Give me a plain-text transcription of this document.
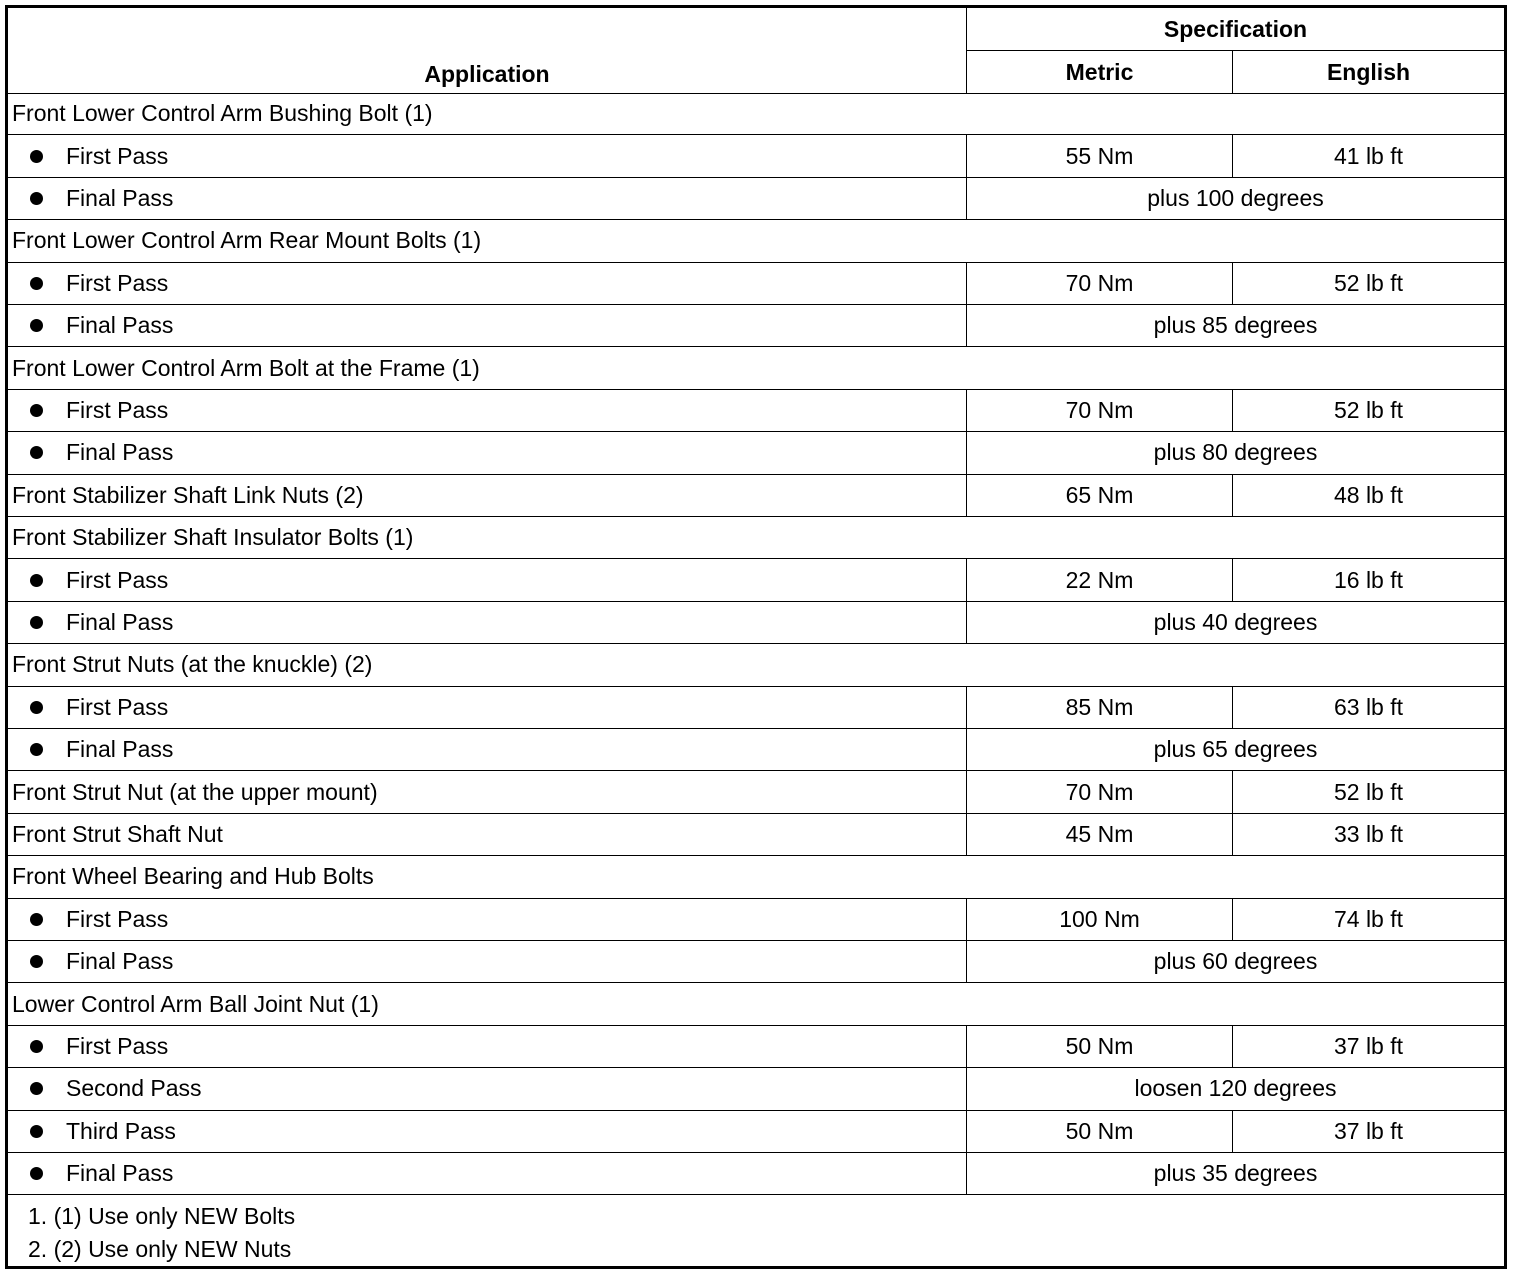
Application
Specification
Metric	English
Front Lower Control Arm Bushing Bolt (1)
First Pass	55 Nm	41 lb ft
Final Pass	plus 100 degrees
Front Lower Control Arm Rear Mount Bolts (1)
First Pass	70 Nm	52 lb ft
Final Pass	plus 85 degrees
Front Lower Control Arm Bolt at the Frame (1)
First Pass	70 Nm	52 lb ft
Final Pass	plus 80 degrees
Front Stabilizer Shaft Link Nuts (2)	65 Nm	48 lb ft
Front Stabilizer Shaft Insulator Bolts (1)
First Pass	22 Nm	16 lb ft
Final Pass	plus 40 degrees
Front Strut Nuts (at the knuckle) (2)
First Pass	85 Nm	63 lb ft
Final Pass	plus 65 degrees
Front Strut Nut (at the upper mount)	70 Nm	52 lb ft
Front Strut Shaft Nut	45 Nm	33 lb ft
Front Wheel Bearing and Hub Bolts
First Pass	100 Nm	74 lb ft
Final Pass	plus 60 degrees
Lower Control Arm Ball Joint Nut (1)
First Pass	50 Nm	37 lb ft
Second Pass	loosen 120 degrees
Third Pass	50 Nm	37 lb ft
Final Pass	plus 35 degrees
1. (1) Use only NEW Bolts
2. (2) Use only NEW Nuts
